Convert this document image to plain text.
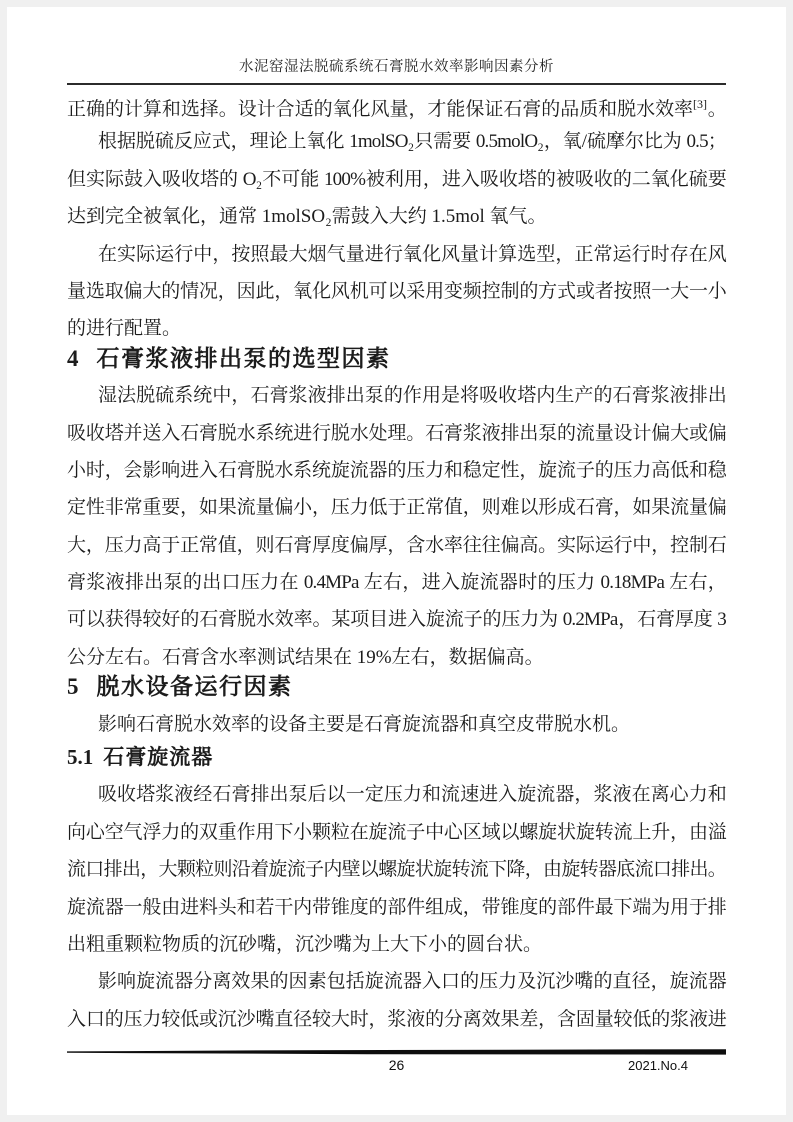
水泥窑湿法脱硫系统石膏脱水效率影响因素分析
正确的计算和选择。设计合适的氧化风量，才能保证石膏的品质和脱水效率[3]。
根据脱硫反应式，理论上氧化 1molSO₂只需要 0.5molO₂，氧/硫摩尔比为 0.5；
但实际鼓入吸收塔的 O₂不可能 100%被利用，进入吸收塔的被吸收的二氧化硫要
达到完全被氧化，通常 1molSO₂需鼓入大约 1.5mol 氧气。
在实际运行中，按照最大烟气量进行氧化风量计算选型，正常运行时存在风
量选取偏大的情况，因此，氧化风机可以采用变频控制的方式或者按照一大一小
的进行配置。
4 石膏浆液排出泵的选型因素
湿法脱硫系统中，石膏浆液排出泵的作用是将吸收塔内生产的石膏浆液排出
吸收塔并送入石膏脱水系统进行脱水处理。石膏浆液排出泵的流量设计偏大或偏
小时，会影响进入石膏脱水系统旋流器的压力和稳定性，旋流子的压力高低和稳
定性非常重要，如果流量偏小，压力低于正常值，则难以形成石膏，如果流量偏
大，压力高于正常值，则石膏厚度偏厚，含水率往往偏高。实际运行中，控制石
膏浆液排出泵的出口压力在 0.4MPa 左右，进入旋流器时的压力 0.18MPa 左右，
可以获得较好的石膏脱水效率。某项目进入旋流子的压力为 0.2MPa，石膏厚度 3
公分左右。石膏含水率测试结果在 19%左右，数据偏高。
5 脱水设备运行因素
影响石膏脱水效率的设备主要是石膏旋流器和真空皮带脱水机。
5.1 石膏旋流器
吸收塔浆液经石膏排出泵后以一定压力和流速进入旋流器，浆液在离心力和
向心空气浮力的双重作用下小颗粒在旋流子中心区域以螺旋状旋转流上升，由溢
流口排出，大颗粒则沿着旋流子内壁以螺旋状旋转流下降，由旋转器底流口排出。
旋流器一般由进料头和若干内带锥度的部件组成，带锥度的部件最下端为用于排
出粗重颗粒物质的沉砂嘴，沉沙嘴为上大下小的圆台状。
影响旋流器分离效果的因素包括旋流器入口的压力及沉沙嘴的直径，旋流器
入口的压力较低或沉沙嘴直径较大时，浆液的分离效果差，含固量较低的浆液进
26	2021.No.4
